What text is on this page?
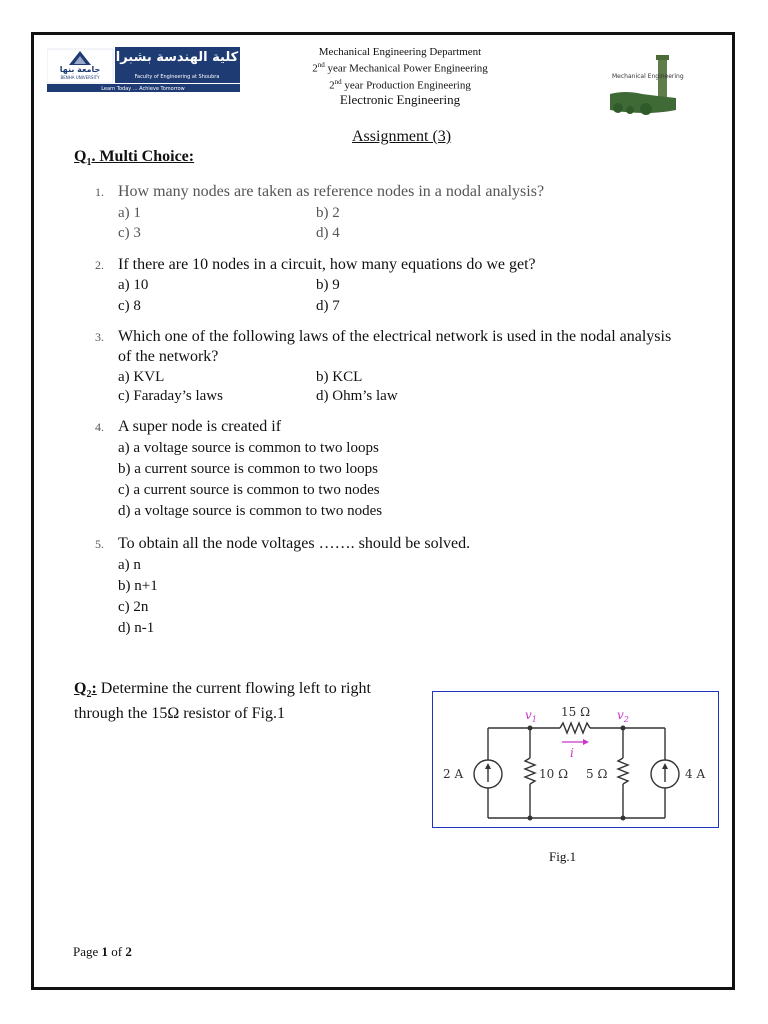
جامعة بنها
BENHA UNIVERSITY
كلية الهندسة بشبرا
Faculty of Engineering at Shoubra
Learn Today ... Achieve Tomorrow
Mechanical Engineering Department
2nd year Mechanical Power Engineering
2nd year Production Engineering
Electronic Engineering
Mechanical Engineering
Assignment (3)
$Q_1$. Multi Choice:
1. How many nodes are taken as reference nodes in a nodal analysis?
a) 1	b) 2
c) 3	d) 4
2. If there are 10 nodes in a circuit, how many equations do we get?
a) 10	b) 9
c) 8	d) 7
3. Which one of the following laws of the electrical network is used in the nodal analysis
of the network?
a) KVL	b) KCL
c) Faraday’s laws	d) Ohm’s law
4. A super node is created if
a) a voltage source is common to two loops
b) a current source is common to two loops
c) a current source is common to two nodes
d) a voltage source is common to two nodes
5. To obtain all the node voltages ……. should be solved.
a) n
b) n+1
c) 2n
d) n-1
$Q_2$: Determine the current flowing left to right
through the 15Ω resistor of Fig.1	$v_1$	$v_2$
15 Ω
i
10 Ω 5 Ω
2 A	4 A
Fig.1
Page 1 of 2
